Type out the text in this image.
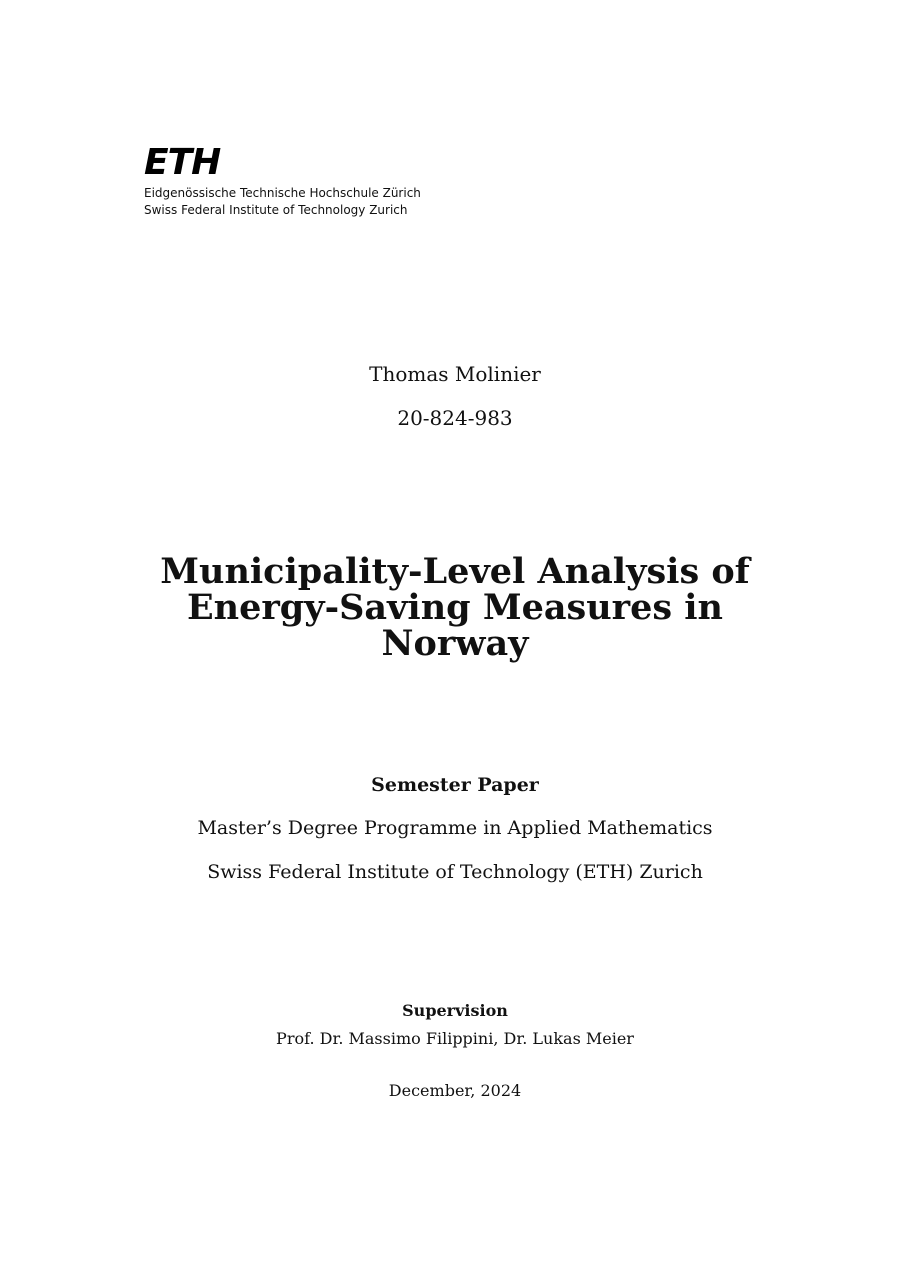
ETH
Eidgenössische Technische Hochschule Zürich
Swiss Federal Institute of Technology Zurich
Thomas Molinier
20-824-983
Municipality-Level Analysis of Energy-Saving Measures in Norway
Semester Paper
Master’s Degree Programme in Applied Mathematics
Swiss Federal Institute of Technology (ETH) Zurich
Supervision
Prof. Dr. Massimo Filippini, Dr. Lukas Meier
December, 2024
